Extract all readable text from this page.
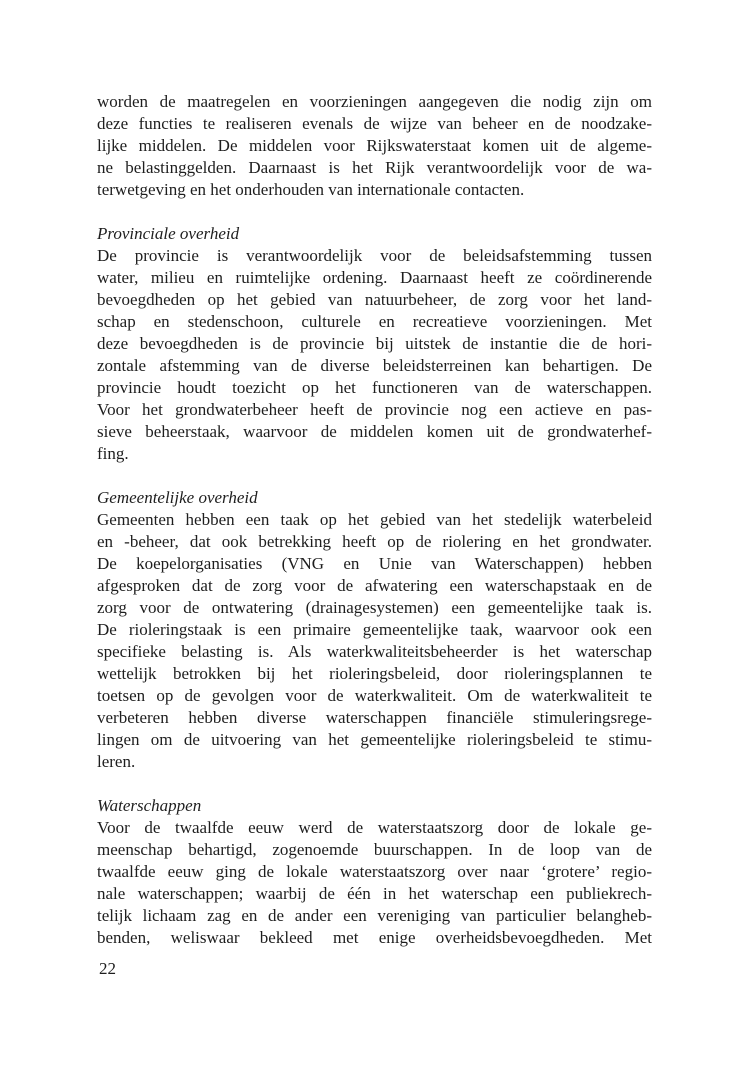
worden de maatregelen en voorzieningen aangegeven die nodig zijn om
deze functies te realiseren evenals de wijze van beheer en de noodzake-
lijke middelen. De middelen voor Rijkswaterstaat komen uit de algeme-
ne belastinggelden. Daarnaast is het Rijk verantwoordelijk voor de wa-
terwetgeving en het onderhouden van internationale contacten.
Provinciale overheid
De provincie is verantwoordelijk voor de beleidsafstemming tussen
water, milieu en ruimtelijke ordening. Daarnaast heeft ze coördinerende
bevoegdheden op het gebied van natuurbeheer, de zorg voor het land-
schap en stedenschoon, culturele en recreatieve voorzieningen. Met
deze bevoegdheden is de provincie bij uitstek de instantie die de hori-
zontale afstemming van de diverse beleidsterreinen kan behartigen. De
provincie houdt toezicht op het functioneren van de waterschappen.
Voor het grondwaterbeheer heeft de provincie nog een actieve en pas-
sieve beheerstaak, waarvoor de middelen komen uit de grondwaterhef-
fing.
Gemeentelijke overheid
Gemeenten hebben een taak op het gebied van het stedelijk waterbeleid
en -beheer, dat ook betrekking heeft op de riolering en het grondwater.
De koepelorganisaties (VNG en Unie van Waterschappen) hebben
afgesproken dat de zorg voor de afwatering een waterschapstaak en de
zorg voor de ontwatering (drainagesystemen) een gemeentelijke taak is.
De rioleringstaak is een primaire gemeentelijke taak, waarvoor ook een
specifieke belasting is. Als waterkwaliteitsbeheerder is het waterschap
wettelijk betrokken bij het rioleringsbeleid, door rioleringsplannen te
toetsen op de gevolgen voor de waterkwaliteit. Om de waterkwaliteit te
verbeteren hebben diverse waterschappen financiële stimuleringsrege-
lingen om de uitvoering van het gemeentelijke rioleringsbeleid te stimu-
leren.
Waterschappen
Voor de twaalfde eeuw werd de waterstaatszorg door de lokale ge-
meenschap behartigd, zogenoemde buurschappen. In de loop van de
twaalfde eeuw ging de lokale waterstaatszorg over naar ‘grotere’ regio-
nale waterschappen; waarbij de één in het waterschap een publiekrech-
telijk lichaam zag en de ander een vereniging van particulier belangheb-
benden, weliswaar bekleed met enige overheidsbevoegdheden. Met
22
